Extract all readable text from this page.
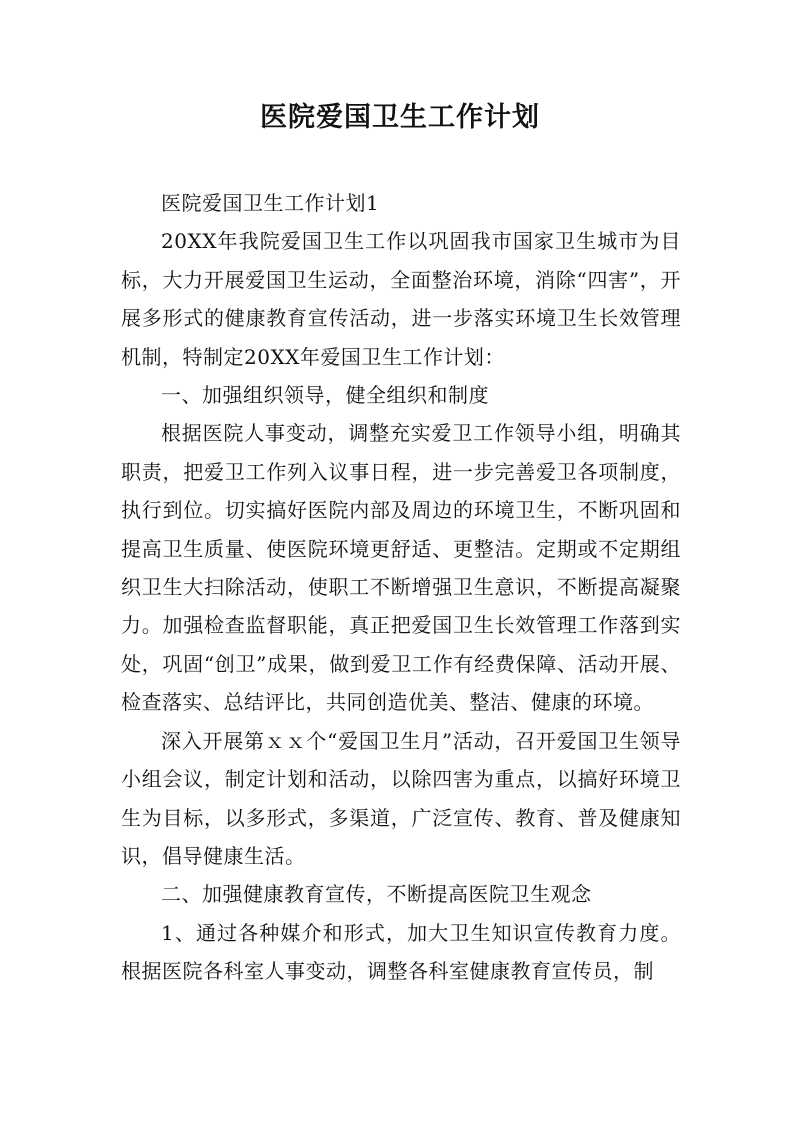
医院爱国卫生工作计划

医院爱国卫生工作计划1

20XX年我院爱国卫生工作以巩固我市国家卫生城市为目标，大力开展爱国卫生运动，全面整治环境，消除“四害”，开展多形式的健康教育宣传活动，进一步落实环境卫生长效管理机制，特制定20XX年爱国卫生工作计划：

一、加强组织领导，健全组织和制度

根据医院人事变动，调整充实爱卫工作领导小组，明确其职责，把爱卫工作列入议事日程，进一步完善爱卫各项制度，执行到位。切实搞好医院内部及周边的环境卫生，不断巩固和提高卫生质量、使医院环境更舒适、更整洁。定期或不定期组织卫生大扫除活动，使职工不断增强卫生意识，不断提高凝聚力。加强检查监督职能，真正把爱国卫生长效管理工作落到实处，巩固“创卫”成果，做到爱卫工作有经费保障、活动开展、检查落实、总结评比，共同创造优美、整洁、健康的环境。

深入开展第ｘｘ个“爱国卫生月”活动，召开爱国卫生领导小组会议，制定计划和活动，以除四害为重点，以搞好环境卫生为目标，以多形式，多渠道，广泛宣传、教育、普及健康知识，倡导健康生活。

二、加强健康教育宣传，不断提高医院卫生观念

1、通过各种媒介和形式，加大卫生知识宣传教育力度。根据医院各科室人事变动，调整各科室健康教育宣传员，制
